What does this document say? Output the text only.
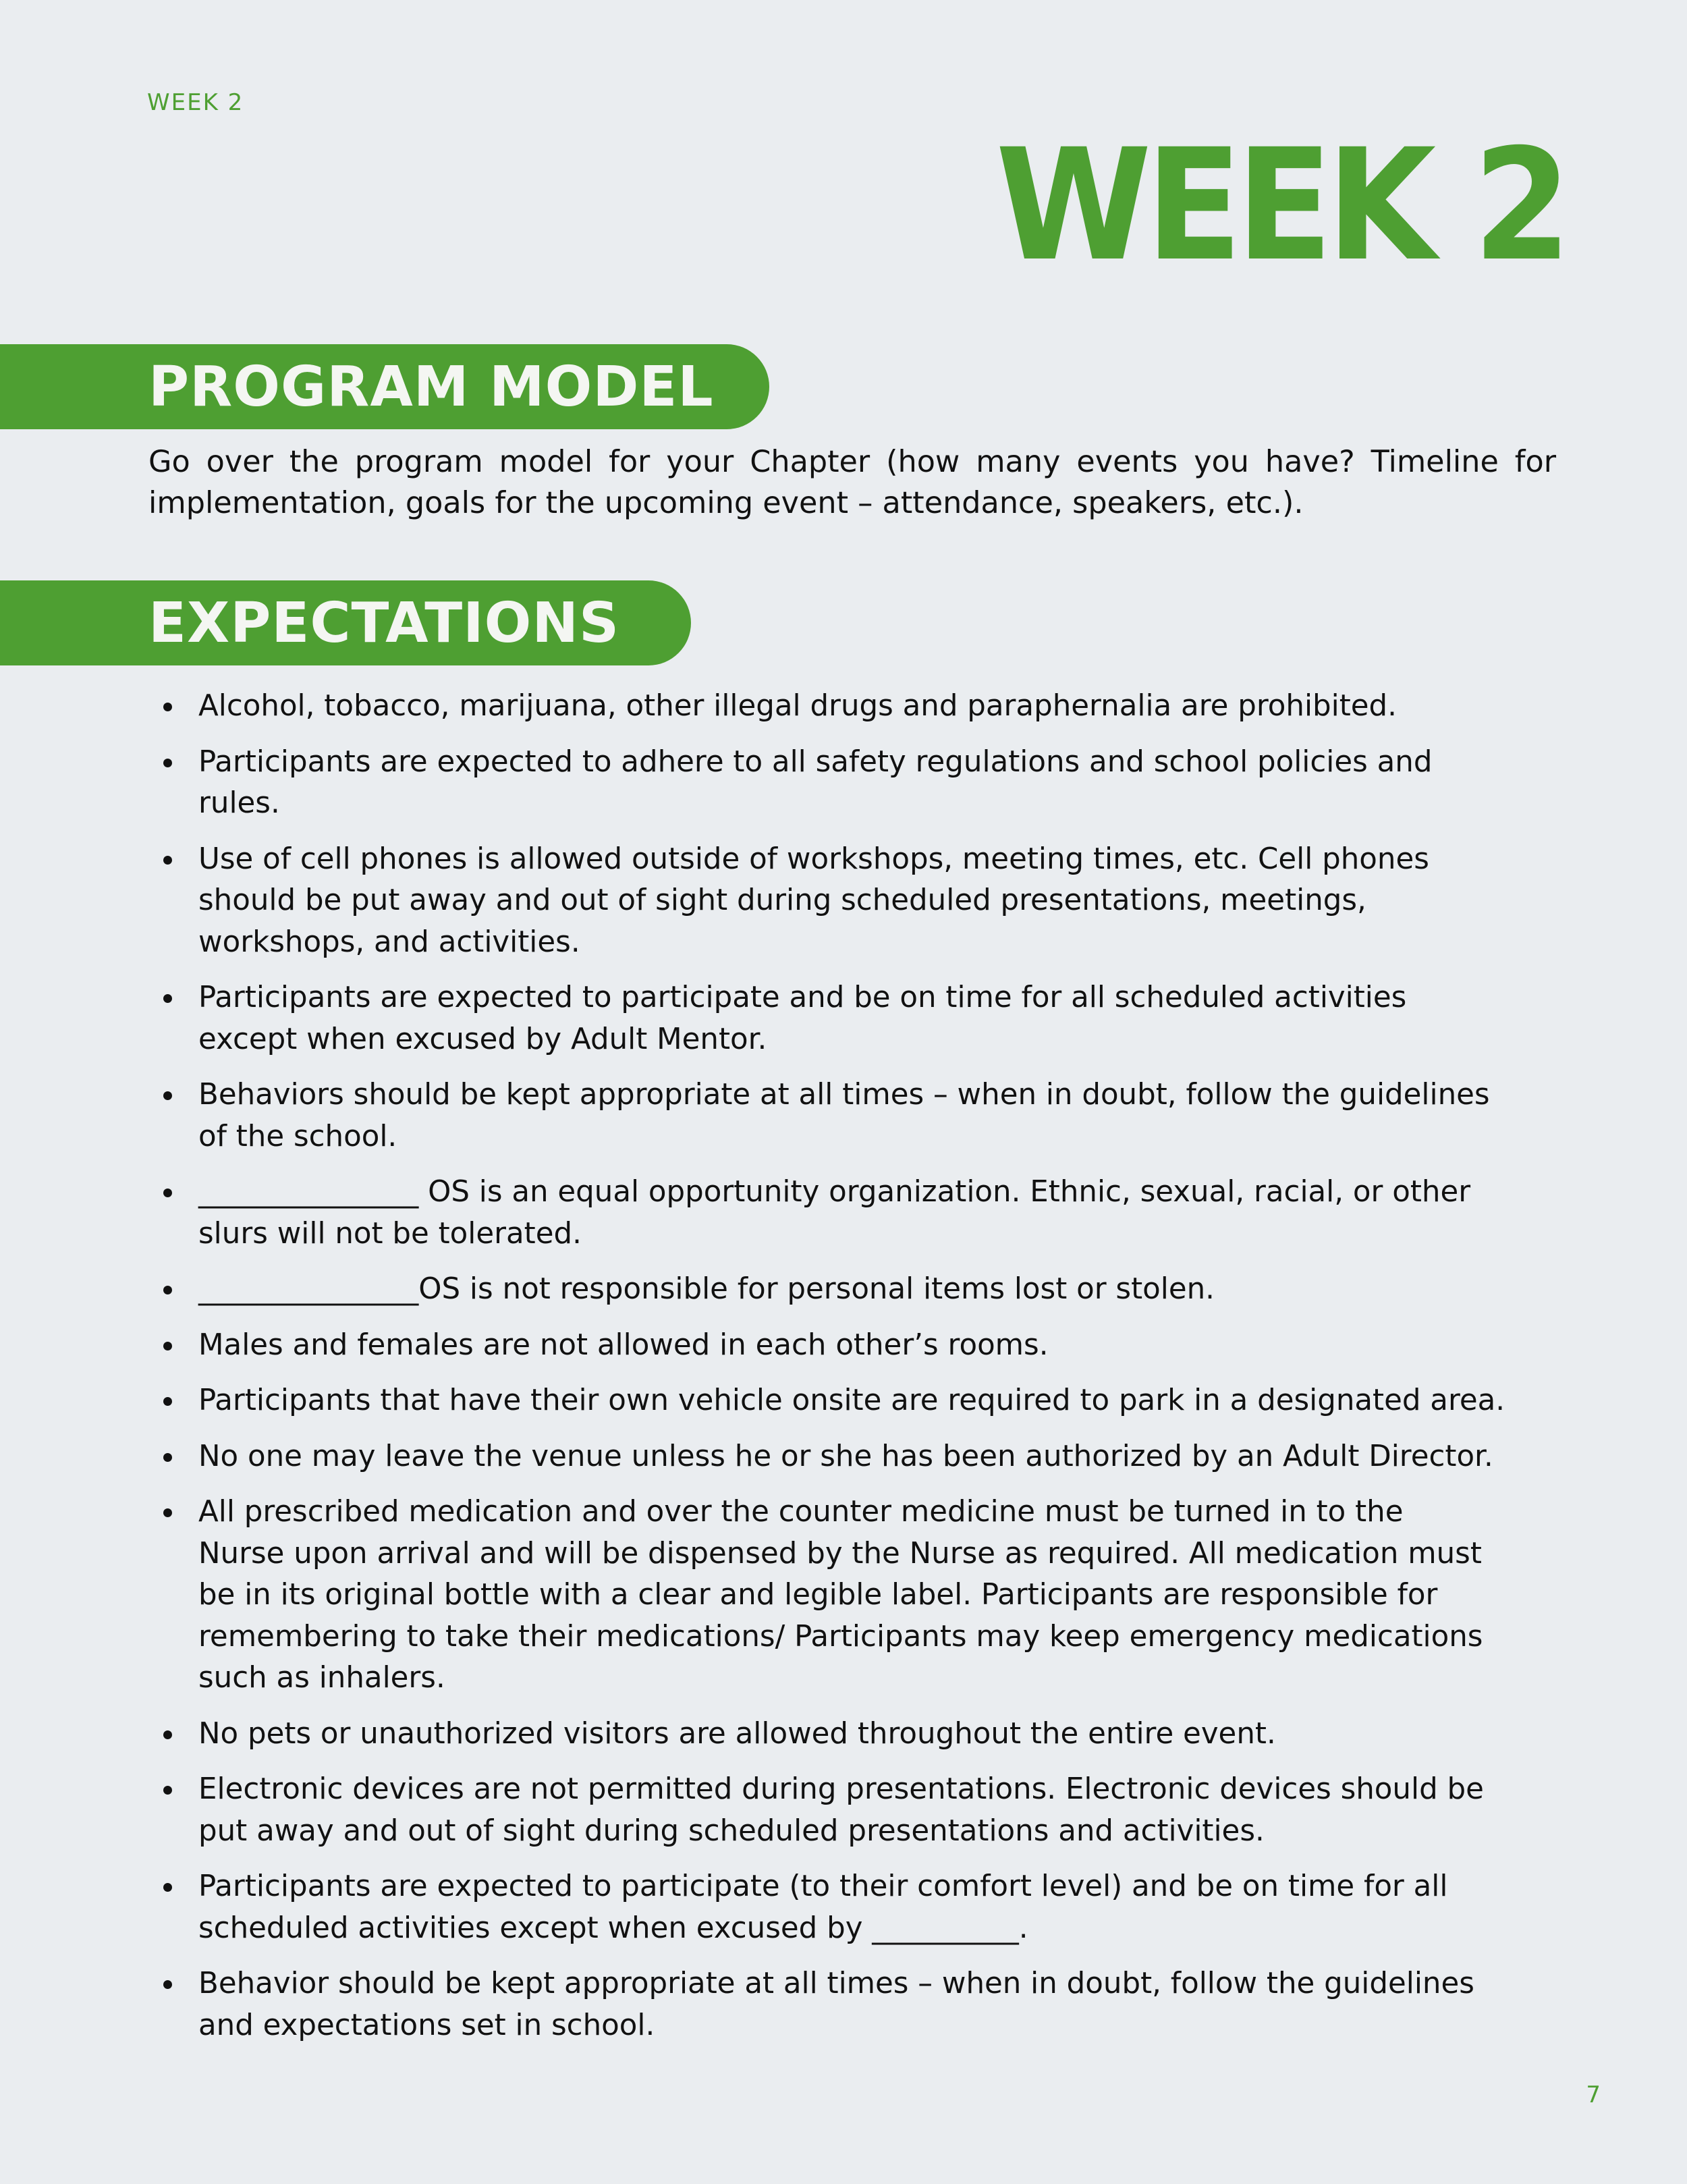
WEEK 2
WEEK 2
PROGRAM MODEL
Go over the program model for your Chapter (how many events you have? Timeline for implementation, goals for the upcoming event – attendance, speakers, etc.).
EXPECTATIONS
Alcohol, tobacco, marijuana, other illegal drugs and paraphernalia are prohibited.
Participants are expected to adhere to all safety regulations and school policies and
rules.
Use of cell phones is allowed outside of workshops, meeting times, etc. Cell phones
should be put away and out of sight during scheduled presentations, meetings,
workshops, and activities.
Participants are expected to participate and be on time for all scheduled activities
except when excused by Adult Mentor.
Behaviors should be kept appropriate at all times – when in doubt, follow the guidelines
of the school.
_______________ OS is an equal opportunity organization. Ethnic, sexual, racial, or other
slurs will not be tolerated.
_______________OS is not responsible for personal items lost or stolen.
Males and females are not allowed in each other’s rooms.
Participants that have their own vehicle onsite are required to park in a designated area.
No one may leave the venue unless he or she has been authorized by an Adult Director.
All prescribed medication and over the counter medicine must be turned in to the
Nurse upon arrival and will be dispensed by the Nurse as required. All medication must
be in its original bottle with a clear and legible label. Participants are responsible for
remembering to take their medications/ Participants may keep emergency medications
such as inhalers.
No pets or unauthorized visitors are allowed throughout the entire event.
Electronic devices are not permitted during presentations. Electronic devices should be
put away and out of sight during scheduled presentations and activities.
Participants are expected to participate (to their comfort level) and be on time for all
scheduled activities except when excused by __________.
Behavior should be kept appropriate at all times – when in doubt, follow the guidelines
and expectations set in school.
7
